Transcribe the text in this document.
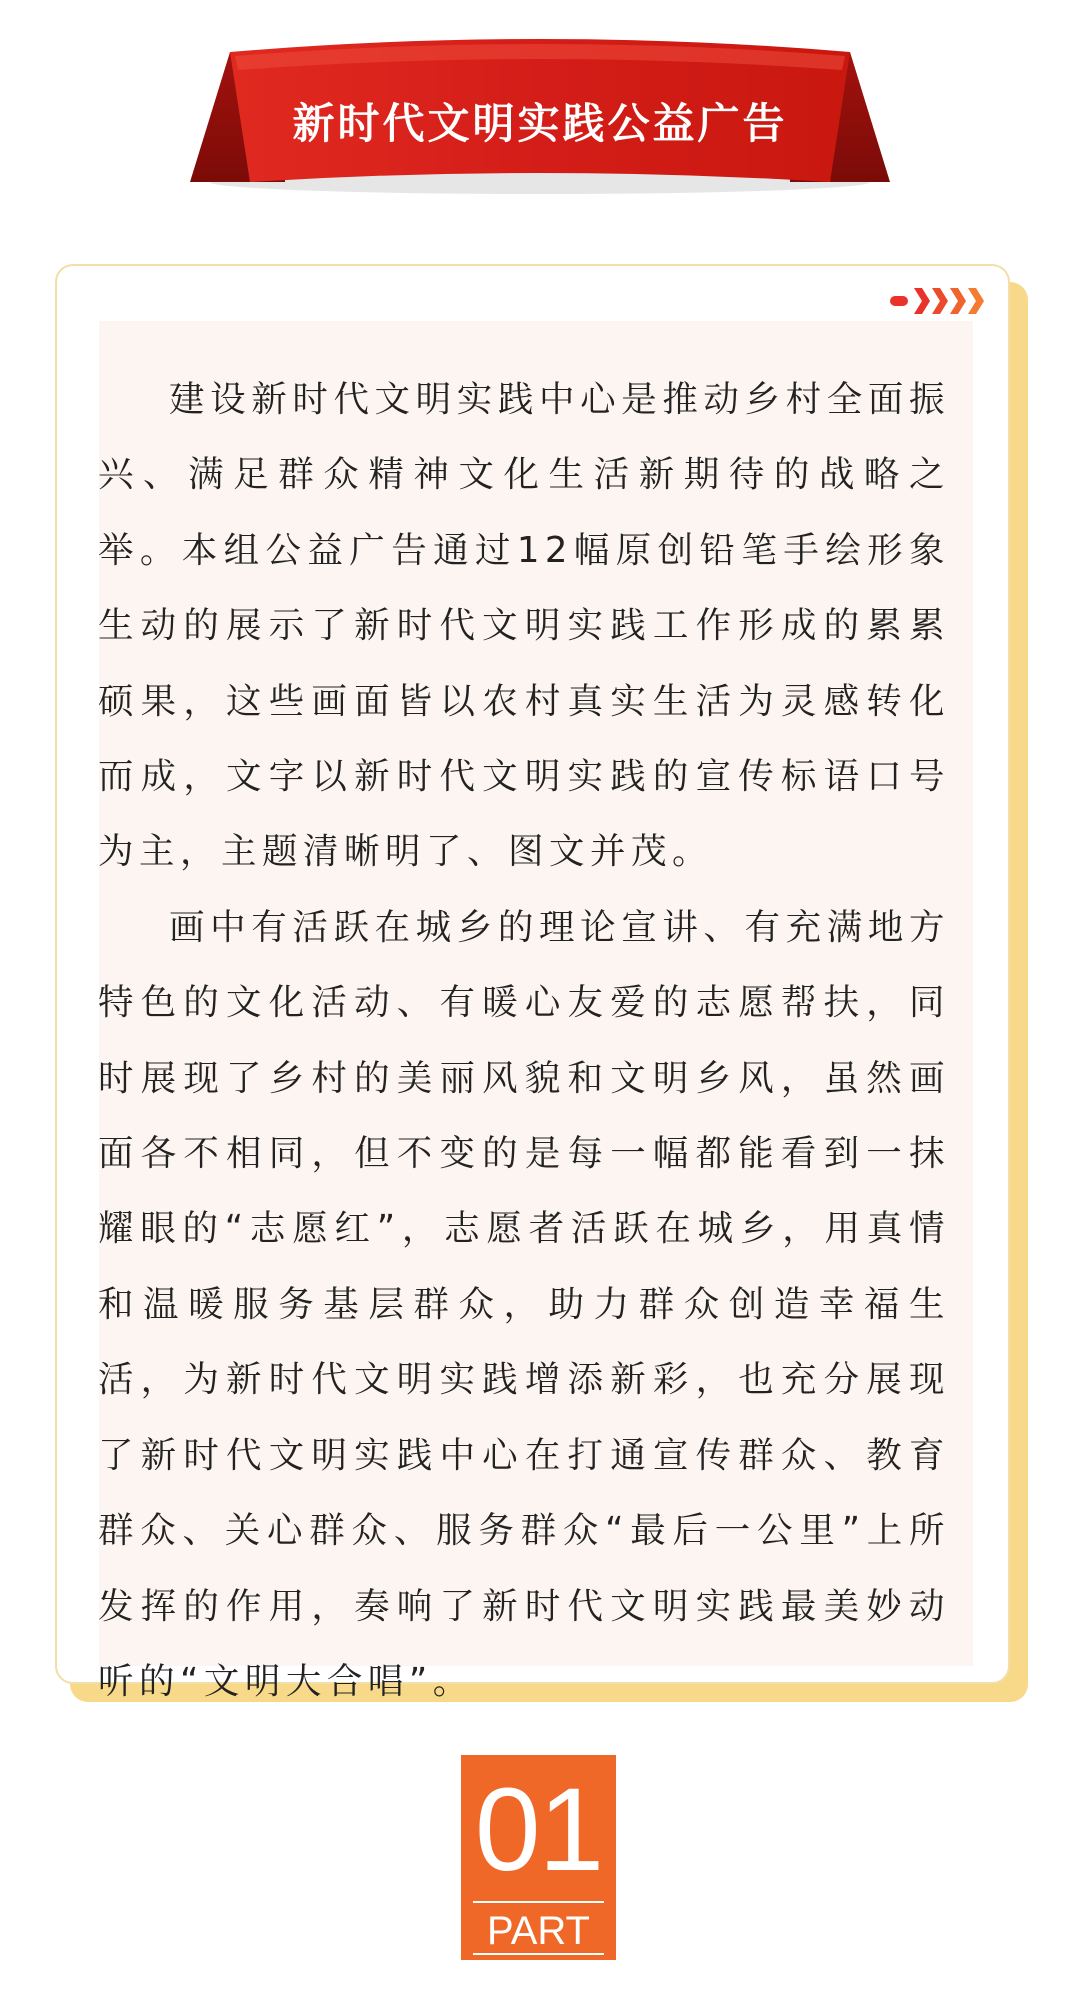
新时代文明实践公益广告

建设新时代文明实践中心是推动乡村全面振兴、满足群众精神文化生活新期待的战略之举。本组公益广告通过12幅原创铅笔手绘形象生动的展示了新时代文明实践工作形成的累累硕果，这些画面皆以农村真实生活为灵感转化而成，文字以新时代文明实践的宣传标语口号为主，主题清晰明了、图文并茂。

画中有活跃在城乡的理论宣讲、有充满地方特色的文化活动、有暖心友爱的志愿帮扶，同时展现了乡村的美丽风貌和文明乡风，虽然画面各不相同，但不变的是每一幅都能看到一抹耀眼的“志愿红”，志愿者活跃在城乡，用真情和温暖服务基层群众，助力群众创造幸福生活，为新时代文明实践增添新彩，也充分展现了新时代文明实践中心在打通宣传群众、教育群众、关心群众、服务群众“最后一公里”上所发挥的作用，奏响了新时代文明实践最美妙动听的“文明大合唱”。

01
PART
